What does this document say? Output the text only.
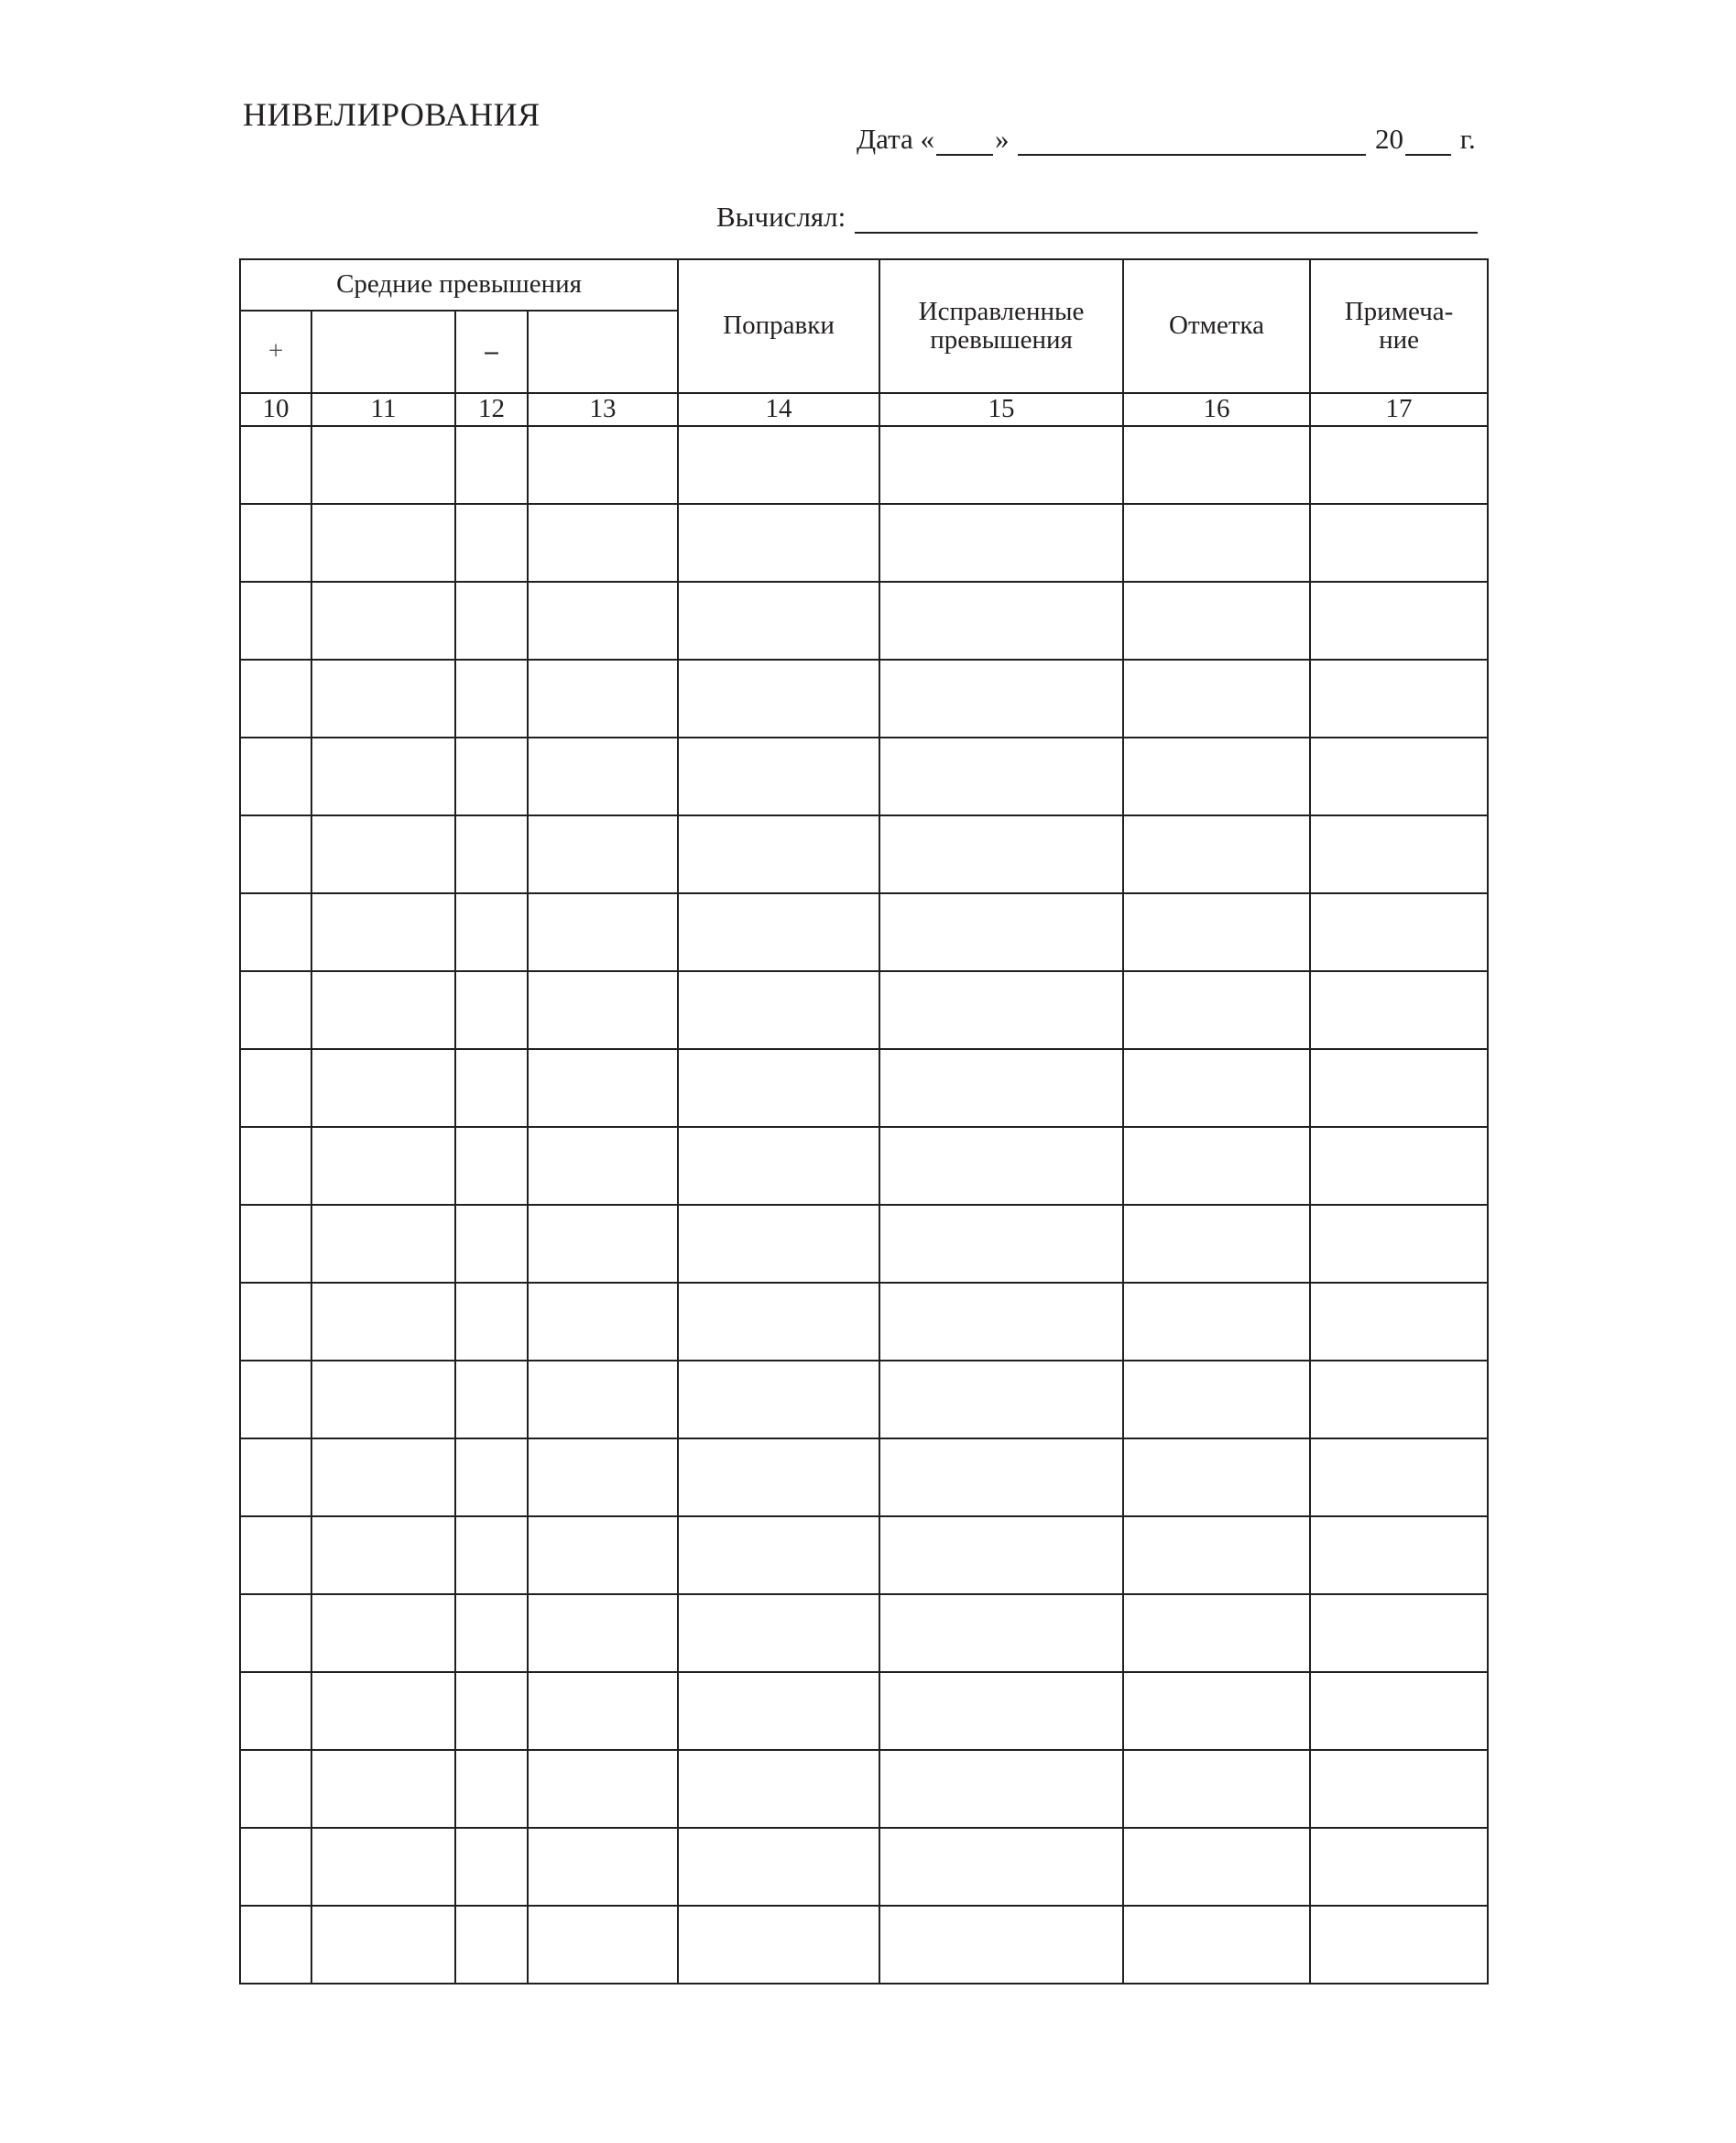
НИВЕЛИРОВАНИЯ
Дата « »	20 г.
Вычислял:
Средние превышения				Поправки	Исправленные превышения	Отметка	Примеча-ние

+		–					
10	11	12	13	14	15	16	17
